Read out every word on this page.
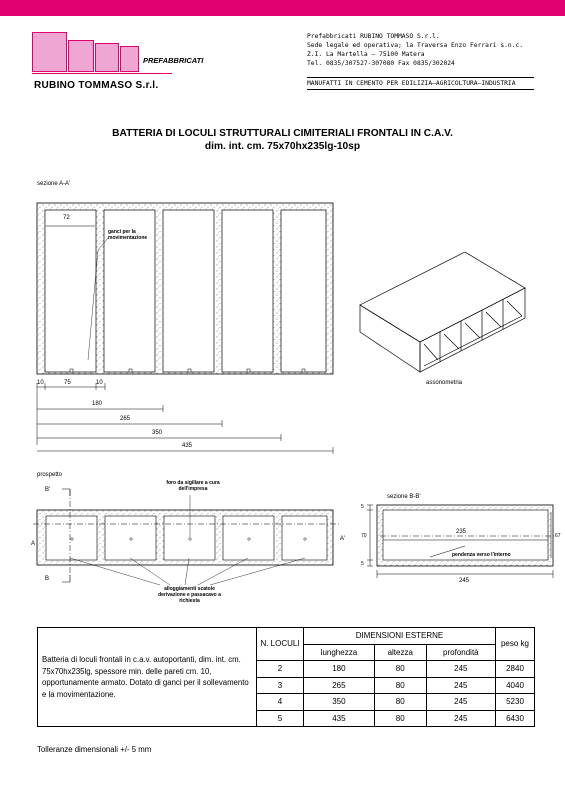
PREFABBRICATI
RUBINO TOMMASO S.r.l.
Prefabbricati RUBINO TOMMASO S.r.l.
Sede legale ed operativa; la Traversa Enzo Ferrari s.n.c.
Z.I. La Martella – 75100 Matera
Tel. 0835/307527-307080 Fax 0835/302024
MANUFATTI IN CEMENTO PER EDILIZIA–AGRICOLTURA–INDUSTRIA
BATTERIA DI LOCULI STRUTTURALI CIMITERIALI FRONTALI IN C.A.V.
dim. int. cm. 75x70hx235lg-10sp
sezione A-A'
72
ganci per la movimentazione
10	75	10
180
265
350
435
assonometria
prospetto
B'
B
A
A'
foro da sigillare a cura dell'impresa
alloggiamenti scatole derivazione e passacavo a richiesta
sezione B-B'
5
70
5
235
67
pendenza verso l'interno
245
Batteria di loculi frontali in c.a.v. autoportanti, dim. int. cm. 75x70hx235lg, spessore min. delle pareti cm. 10, opportunamente armato. Dotato di ganci per il sollevamento e la movimentazione.	N. LOCULI	DIMENSIONI ESTERNE			peso kg
		lunghezza	altezza	profondità	
	2	180	80	245	2840
	3	265	80	245	4040
	4	350	80	245	5230
	5	435	80	245	6430
Tolleranze dimensionali +/- 5 mm
